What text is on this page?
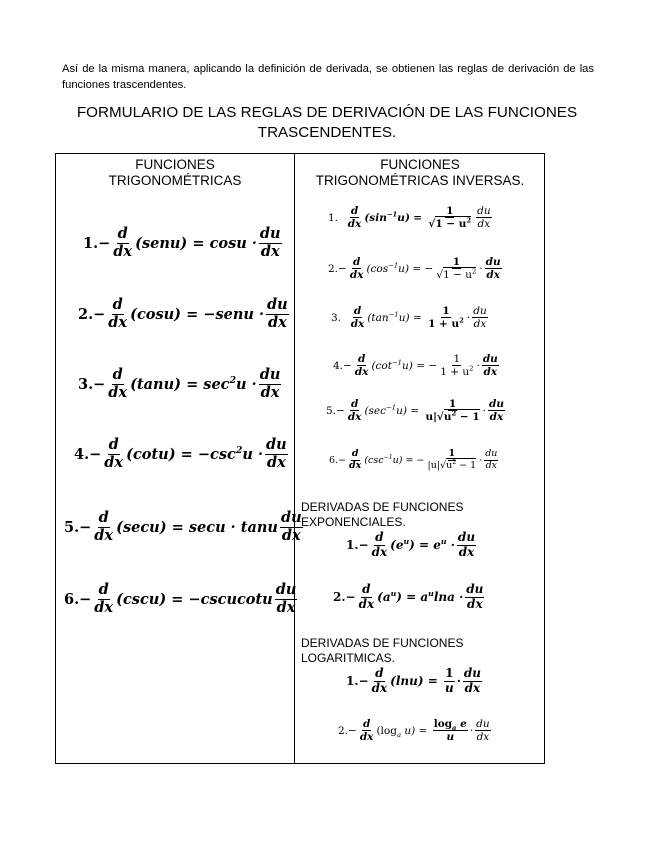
Así de la misma manera, aplicando la definición de derivada, se obtienen las reglas de derivación de las funciones trascendentes.
FORMULARIO DE LAS REGLAS DE DERIVACIÓN DE LAS FUNCIONES TRASCENDENTES.
FUNCIONES
TRIGONOMÉTRICAS
FUNCIONES
TRIGONOMÉTRICAS INVERSAS.
$1.- \frac{d}{dx}$ (senu)
=
cosu ·
du
dx
$2.- \frac{d}{dx} (\cos u)$
=
−senu ·
du
dx
$3.- \frac{d}{dx} (\tan u)$
=
$\sec^2u$ ·
du
dx
$4.- \frac{d}{dx} (\cot u)$
=
$-\csc^2u$ ·
du
dx
$5.- \frac{d}{dx} (\sec u)$
=
secu · tanu
du
dx
$6.- \frac{d}{dx} (\csc u)$
=
−cscucotu
du
dx
1.

d
dx
$(\sin^{-1}u)$
=

1
$√1 - u^2$
du
dx
$2.- \frac{d}{dx} (\cos^{-1}u)$
=
− $\frac{1}{√1 - u^2}$ ·
du
dx
3.

d
dx
$(\tan^{-1}u)$
=

1
$1 + u^2$ ·
du
dx
$4.- \frac{d}{dx} (\cot^{-1}u)$
=
− $\frac{1}{1 + u^2}$ ·
du
dx
$5.- \frac{d}{dx} (\sec^{-1}u)$
=

1
$u|√u^2 - 1$
·
du
dx
$6.- \frac{d}{dx} (\csc^{-1}u)$
=
− $\frac{1}{|u|√u^2 - 1}$ ·
du
dx
DERIVADAS DE FUNCIONES
EXPONENCIALES.
$1.- \frac{d}{dx} (e^u)$
=
$e^u$ ·
du
dx
$2.- \frac{d}{dx} (a^u)$
=
$a^u\ln a$ ·
du
dx
DERIVADAS DE FUNCIONES
LOGARITMICAS.
$1.- \frac{d}{dx} (\ln u)$
=

1
u ·
du
dx
$2.- \frac{d}{dx} (\log_a$ u)
=

$\log_a e$
u
·
du
dx
